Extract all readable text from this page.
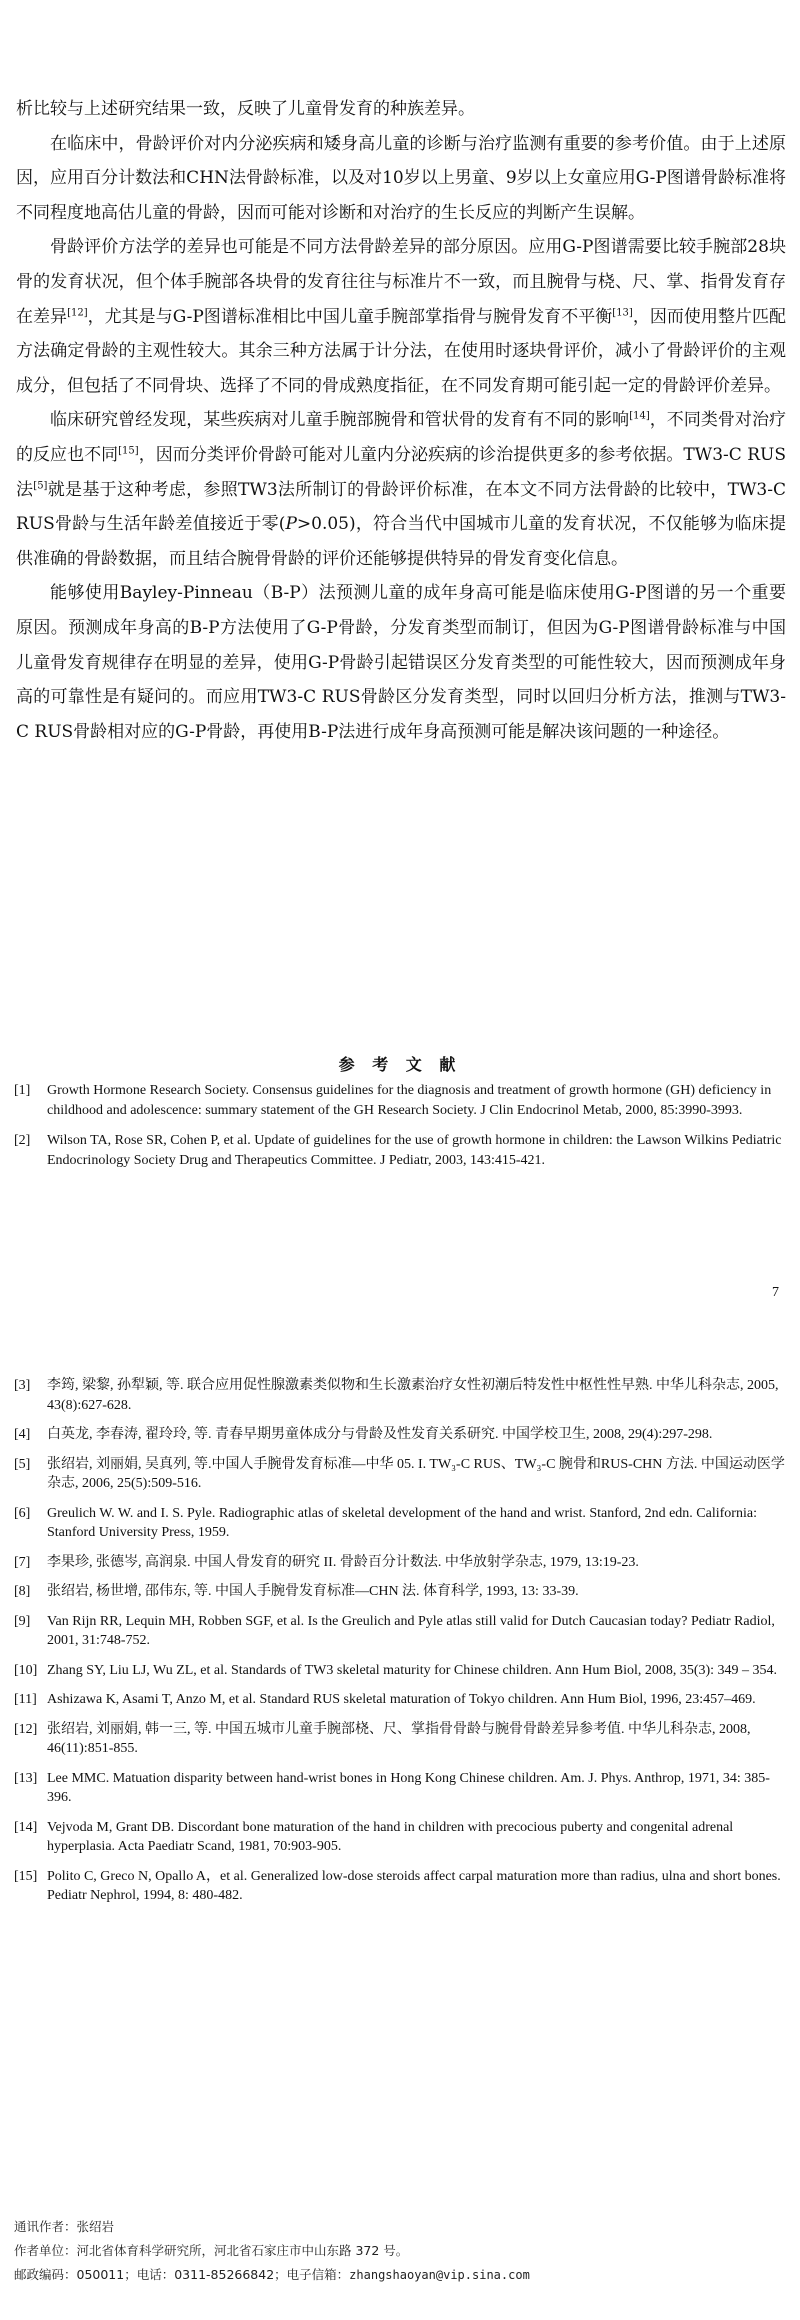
析比较与上述研究结果一致，反映了儿童骨发育的种族差异。

在临床中，骨龄评价对内分泌疾病和矮身高儿童的诊断与治疗监测有重要的参考价值。由于上述原因，应用百分计数法和CHN法骨龄标准，以及对10岁以上男童、9岁以上女童应用G-P图谱骨龄标准将不同程度地高估儿童的骨龄，因而可能对诊断和对治疗的生长反应的判断产生误解。

骨龄评价方法学的差异也可能是不同方法骨龄差异的部分原因。应用G-P图谱需要比较手腕部28块骨的发育状况，但个体手腕部各块骨的发育往往与标准片不一致，而且腕骨与桡、尺、掌、指骨发育存在差异[12]，尤其是与G-P图谱标准相比中国儿童手腕部掌指骨与腕骨发育不平衡[13]，因而使用整片匹配方法确定骨龄的主观性较大。其余三种方法属于计分法，在使用时逐块骨评价，减小了骨龄评价的主观成分，但包括了不同骨块、选择了不同的骨成熟度指征，在不同发育期可能引起一定的骨龄评价差异。

临床研究曾经发现，某些疾病对儿童手腕部腕骨和管状骨的发育有不同的影响[14]，不同类骨对治疗的反应也不同[15]，因而分类评价骨龄可能对儿童内分泌疾病的诊治提供更多的参考依据。TW3-C RUS法[5]就是基于这种考虑，参照TW3法所制订的骨龄评价标准，在本文不同方法骨龄的比较中，TW3-C RUS骨龄与生活年龄差值接近于零(P>0.05)，符合当代中国城市儿童的发育状况，不仅能够为临床提供准确的骨龄数据，而且结合腕骨骨龄的评价还能够提供特异的骨发育变化信息。

能够使用Bayley-Pinneau（B-P）法预测儿童的成年身高可能是临床使用G-P图谱的另一个重要原因。预测成年身高的B-P方法使用了G-P骨龄，分发育类型而制订，但因为G-P图谱骨龄标准与中国儿童骨发育规律存在明显的差异，使用G-P骨龄引起错误区分发育类型的可能性较大，因而预测成年身高的可靠性是有疑问的。而应用TW3-C RUS骨龄区分发育类型，同时以回归分析方法，推测与TW3-C RUS骨龄相对应的G-P骨龄，再使用B-P法进行成年身高预测可能是解决该问题的一种途径。

参 考 文 献
[1] Growth Hormone Research Society. Consensus guidelines for the diagnosis and treatment of growth hormone (GH) deficiency in childhood and adolescence: summary statement of the GH Research Society. J Clin Endocrinol Metab, 2000, 85:3990-3993.
[2] Wilson TA, Rose SR, Cohen P, et al. Update of guidelines for the use of growth hormone in children: the Lawson Wilkins Pediatric Endocrinology Society Drug and Therapeutics Committee. J Pediatr, 2003, 143:415-421.
7
[3] 李筠, 梁黎, 孙犁颖, 等. 联合应用促性腺激素类似物和生长激素治疗女性初潮后特发性中枢性性早熟. 中华儿科杂志, 2005, 43(8):627-628.
[4] 白英龙, 李春涛, 翟玲玲, 等. 青春早期男童体成分与骨龄及性发育关系研究. 中国学校卫生, 2008, 29(4):297-298.
[5] 张绍岩, 刘丽娟, 吴真列, 等.中国人手腕骨发育标准—中华 05. I. TW₃-C RUS、TW₃-C 腕骨和RUS-CHN 方法. 中国运动医学杂志, 2006, 25(5):509-516.
[6] Greulich W. W. and I. S. Pyle. Radiographic atlas of skeletal development of the hand and wrist. Stanford, 2nd edn. California: Stanford University Press, 1959.
[7] 李果珍, 张德岑, 高润泉. 中国人骨发育的研究 II. 骨龄百分计数法. 中华放射学杂志, 1979, 13:19-23.
[8] 张绍岩, 杨世增, 邵伟东, 等. 中国人手腕骨发育标准—CHN 法. 体育科学, 1993, 13: 33-39.
[9] Van Rijn RR, Lequin MH, Robben SGF, et al. Is the Greulich and Pyle atlas still valid for Dutch Caucasian today? Pediatr Radiol, 2001, 31:748-752.
[10] Zhang SY, Liu LJ, Wu ZL, et al. Standards of TW3 skeletal maturity for Chinese children. Ann Hum Biol, 2008, 35(3): 349 – 354.
[11] Ashizawa K, Asami T, Anzo M, et al. Standard RUS skeletal maturation of Tokyo children. Ann Hum Biol, 1996, 23:457–469.
[12] 张绍岩, 刘丽娟, 韩一三, 等. 中国五城市儿童手腕部桡、尺、掌指骨骨龄与腕骨骨龄差异参考值. 中华儿科杂志, 2008, 46(11):851-855.
[13] Lee MMC. Matuation disparity between hand-wrist bones in Hong Kong Chinese children. Am. J. Phys. Anthrop, 1971, 34: 385-396.
[14] Vejvoda M, Grant DB. Discordant bone maturation of the hand in children with precocious puberty and congenital adrenal hyperplasia. Acta Paediatr Scand, 1981, 70:903-905.
[15] Polito C, Greco N, Opallo A，et al. Generalized low-dose steroids affect carpal maturation more than radius, ulna and short bones. Pediatr Nephrol, 1994, 8: 480-482.
通讯作者：张绍岩
作者单位：河北省体育科学研究所，河北省石家庄市中山东路 372 号。
邮政编码：050011；电话：0311-85266842；电子信箱：zhangshaoyan@vip.sina.com
